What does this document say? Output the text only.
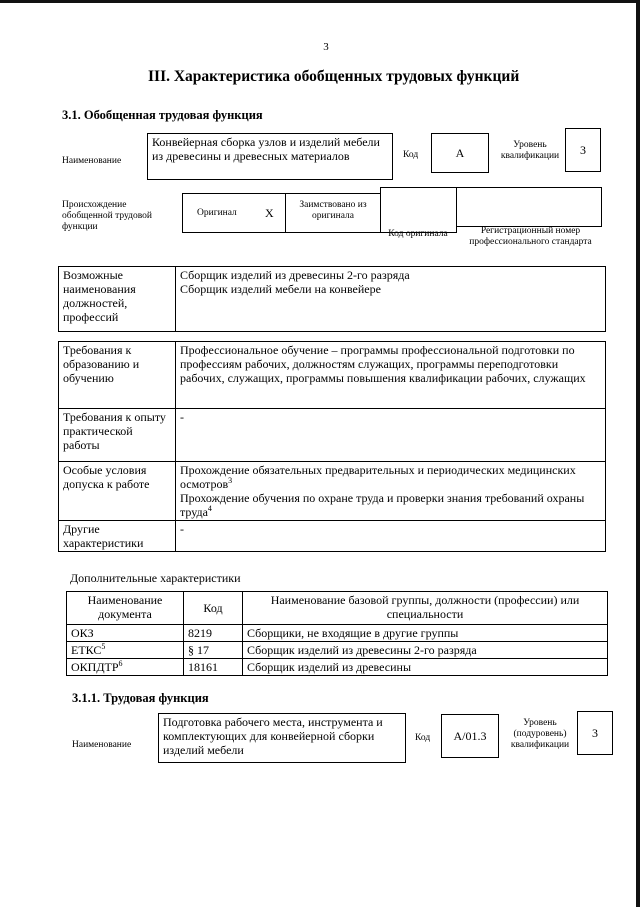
3
III. Характеристика обобщенных трудовых функций
3.1. Обобщенная трудовая функция
Наименование
Конвейерная сборка узлов и изделий мебели из древесины и древесных материалов	Код	А
Уровень квалификации	3
Происхождение обобщенной трудовой функции
Оригинал X
Заимствовано из оригинала
Код оригинала	Регистрационный номер профессионального стандарта
Возможные наименования должностей, профессий	
Сборщик изделий из древесины 2-го разряда
Сборщик изделий мебели на конвейере
Требования к образованию и обучению	Профессиональное обучение – программы профессиональной подготовки по профессиям рабочих, должностям служащих, программы переподготовки рабочих, служащих, программы повышения квалификации рабочих, служащих
Требования к опыту практической работы	-
Особые условия допуска к работе	Прохождение обязательных предварительных и периодических медицинских осмотров$^3$
Прохождение обучения по охране труда и проверки знания требований охраны труда$^4$

Другие характеристики	-
Дополнительные характеристики
Наименование документа	Код	Наименование базовой группы, должности (профессии) или специальности
ОКЗ	8219	Сборщики, не входящие в другие группы
ЕТКС$^5$	§ 17	Сборщик изделий из древесины 2-го разряда
ОКПДТР$^6$	18161	Сборщик изделий из древесины
3.1.1. Трудовая функция
Наименование
Подготовка рабочего места, инструмента и комплектующих для конвейерной сборки изделий мебели
Код	А/01.3
Уровень (подуровень) квалификации
3
